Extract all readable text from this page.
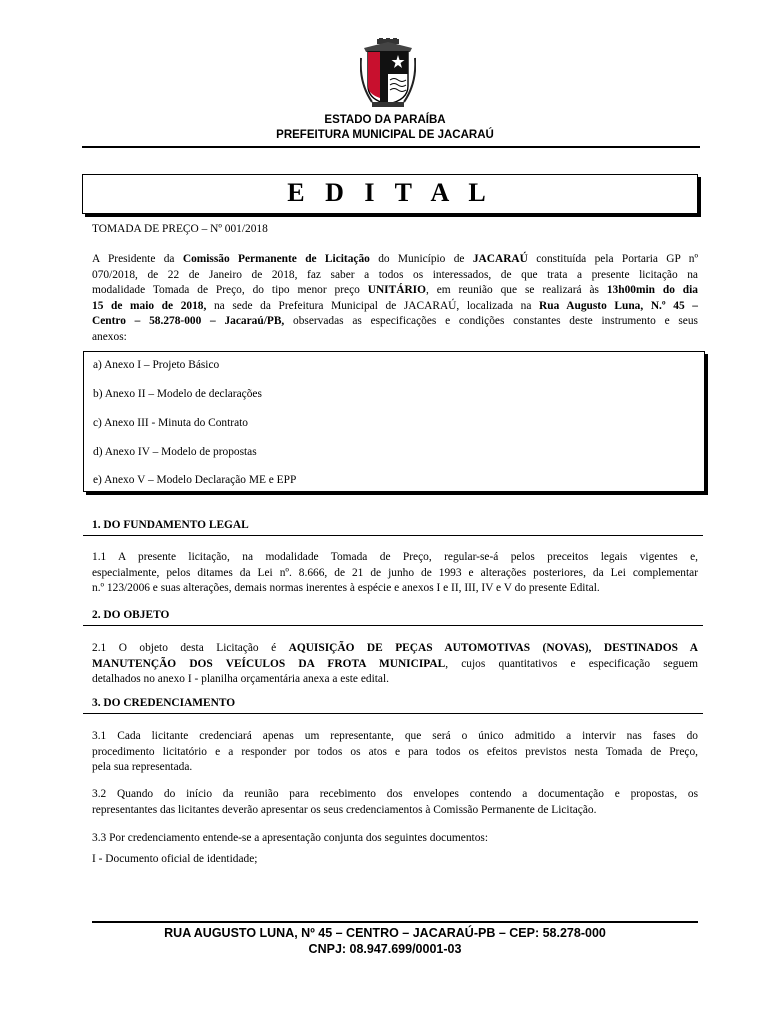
ESTADO DA PARAÍBA
PREFEITURA MUNICIPAL DE JACARAÚ
E D I T A L
TOMADA DE PREÇO – Nº 001/2018
A Presidente da Comissão Permanente de Licitação do Município de JACARAÚ constituída pela Portaria GP nº
070/2018, de 22 de Janeiro de 2018, faz saber a todos os interessados, de que trata a presente licitação na
modalidade Tomada de Preço, do tipo menor preço UNITÁRIO, em reunião que se realizará às 13h00min do dia
15 de maio de 2018, na sede da Prefeitura Municipal de JACARAÚ, localizada na Rua Augusto Luna, N.º 45 –
Centro – 58.278-000 – Jacaraú/PB, observadas as especificações e condições constantes deste instrumento e seus
anexos:
a) Anexo I – Projeto Básico
b) Anexo II – Modelo de declarações
c) Anexo III - Minuta do Contrato
d) Anexo IV – Modelo de propostas
e) Anexo V – Modelo Declaração ME e EPP
1. DO FUNDAMENTO LEGAL
1.1 A presente licitação, na modalidade Tomada de Preço, regular-se-á pelos preceitos legais vigentes e,
especialmente, pelos ditames da Lei nº. 8.666, de 21 de junho de 1993 e alterações posteriores, da Lei complementar
n.º 123/2006 e suas alterações, demais normas inerentes à espécie e anexos I e II, III, IV e V do presente Edital.
2. DO OBJETO
2.1 O objeto desta Licitação é AQUISIÇÃO DE PEÇAS AUTOMOTIVAS (NOVAS), DESTINADOS A
MANUTENÇÃO DOS VEÍCULOS DA FROTA MUNICIPAL, cujos quantitativos e especificação seguem
detalhados no anexo I - planilha orçamentária anexa a este edital.
3. DO CREDENCIAMENTO
3.1 Cada licitante credenciará apenas um representante, que será o único admitido a intervir nas fases do
procedimento licitatório e a responder por todos os atos e para todos os efeitos previstos nesta Tomada de Preço,
pela sua representada.
3.2 Quando do início da reunião para recebimento dos envelopes contendo a documentação e propostas, os
representantes das licitantes deverão apresentar os seus credenciamentos à Comissão Permanente de Licitação.
3.3 Por credenciamento entende-se a apresentação conjunta dos seguintes documentos:
I - Documento oficial de identidade;
RUA AUGUSTO LUNA, Nº 45 – CENTRO – JACARAÚ-PB – CEP: 58.278-000
CNPJ: 08.947.699/0001-03
